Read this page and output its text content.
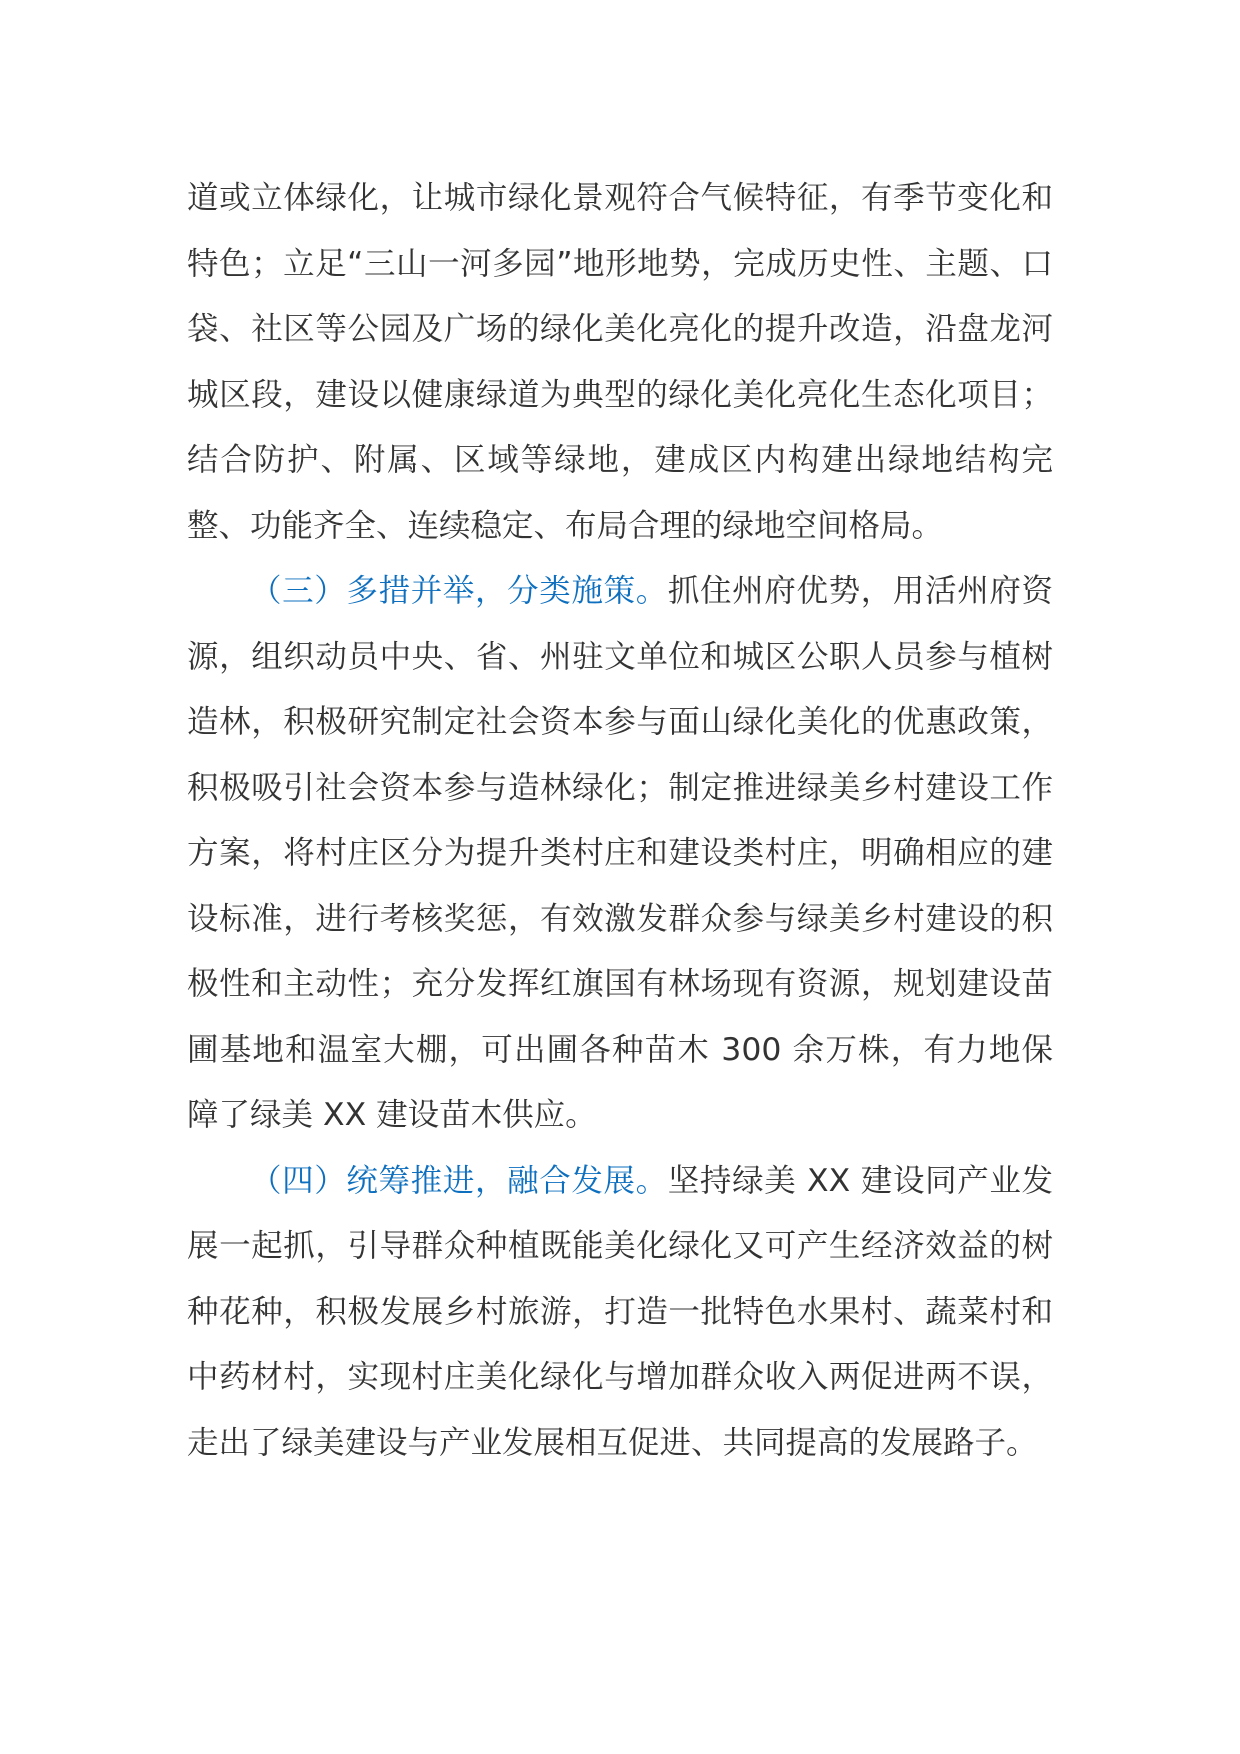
道或立体绿化，让城市绿化景观符合气候特征，有季节变化和特色；立足“三山一河多园”地形地势，完成历史性、主题、口袋、社区等公园及广场的绿化美化亮化的提升改造，沿盘龙河城区段，建设以健康绿道为典型的绿化美化亮化生态化项目；结合防护、附属、区域等绿地，建成区内构建出绿地结构完整、功能齐全、连续稳定、布局合理的绿地空间格局。

（三）多措并举，分类施策。抓住州府优势，用活州府资源，组织动员中央、省、州驻文单位和城区公职人员参与植树造林，积极研究制定社会资本参与面山绿化美化的优惠政策，积极吸引社会资本参与造林绿化；制定推进绿美乡村建设工作方案，将村庄区分为提升类村庄和建设类村庄，明确相应的建设标准，进行考核奖惩，有效激发群众参与绿美乡村建设的积极性和主动性；充分发挥红旗国有林场现有资源，规划建设苗圃基地和温室大棚，可出圃各种苗木 300 余万株，有力地保障了绿美 XX 建设苗木供应。

（四）统筹推进，融合发展。坚持绿美 XX 建设同产业发展一起抓，引导群众种植既能美化绿化又可产生经济效益的树种花种，积极发展乡村旅游，打造一批特色水果村、蔬菜村和中药材村，实现村庄美化绿化与增加群众收入两促进两不误，走出了绿美建设与产业发展相互促进、共同提高的发展路子。
